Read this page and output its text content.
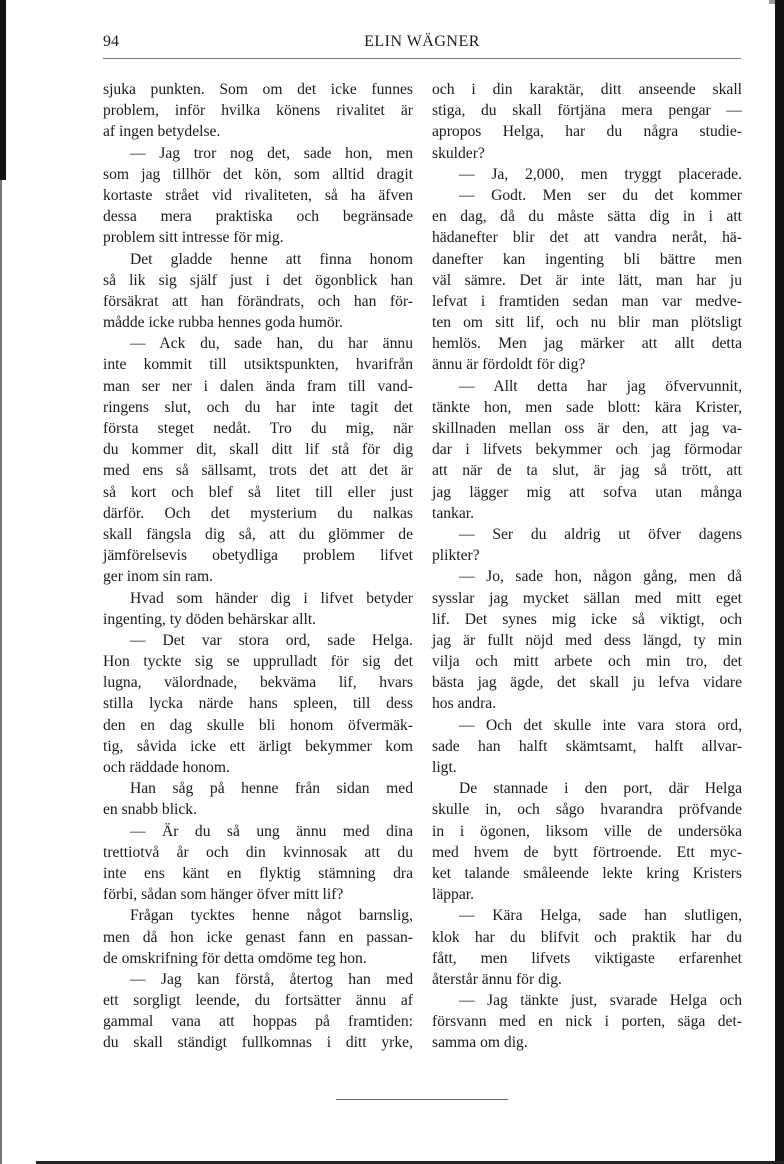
94	ELIN WÄGNER
sjuka punkten. Som om det icke funnes
problem, inför hvilka könens rivalitet är
af ingen betydelse.
— Jag tror nog det, sade hon, men
som jag tillhör det kön, som alltid dragit
kortaste strået vid rivaliteten, så ha äfven
dessa mera praktiska och begränsade
problem sitt intresse för mig.
Det gladde henne att finna honom
så lik sig själf just i det ögonblick han
försäkrat att han förändrats, och han för-
mådde icke rubba hennes goda humör.
— Ack du, sade han, du har ännu
inte kommit till utsiktspunkten, hvarifrån
man ser ner i dalen ända fram till vand-
ringens slut, och du har inte tagit det
första steget nedåt. Tro du mig, när
du kommer dit, skall ditt lif stå för dig
med ens så sällsamt, trots det att det är
så kort och blef så litet till eller just
därför. Och det mysterium du nalkas
skall fängsla dig så, att du glömmer de
jämförelsevis obetydliga problem lifvet
ger inom sin ram.
Hvad som händer dig i lifvet betyder
ingenting, ty döden behärskar allt.
— Det var stora ord, sade Helga.
Hon tyckte sig se upprulladt för sig det
lugna, välordnade, bekväma lif, hvars
stilla lycka närde hans spleen, till dess
den en dag skulle bli honom öfvermäk-
tig, såvida icke ett ärligt bekymmer kom
och räddade honom.
Han såg på henne från sidan med
en snabb blick.
— Är du så ung ännu med dina
trettiotvå år och din kvinnosak att du
inte ens känt en flyktig stämning dra
förbi, sådan som hänger öfver mitt lif?
Frågan tycktes henne något barnslig,
men då hon icke genast fann en passan-
de omskrifning för detta omdöme teg hon.
— Jag kan förstå, återtog han med
ett sorgligt leende, du fortsätter ännu af
gammal vana att hoppas på framtiden:
du skall ständigt fullkomnas i ditt yrke,
och i din karaktär, ditt anseende skall
stiga, du skall förtjäna mera pengar —
apropos Helga, har du några studie-
skulder?
— Ja, 2,000, men tryggt placerade.
— Godt. Men ser du det kommer
en dag, då du måste sätta dig in i att
hädanefter blir det att vandra neråt, hä-
danefter kan ingenting bli bättre men
väl sämre. Det är inte lätt, man har ju
lefvat i framtiden sedan man var medve-
ten om sitt lif, och nu blir man plötsligt
hemlös. Men jag märker att allt detta
ännu är fördoldt för dig?
— Allt detta har jag öfvervunnit,
tänkte hon, men sade blott: kära Krister,
skillnaden mellan oss är den, att jag va-
dar i lifvets bekymmer och jag förmodar
att när de ta slut, är jag så trött, att
jag lägger mig att sofva utan många
tankar.
— Ser du aldrig ut öfver dagens
plikter?
— Jo, sade hon, någon gång, men då
sysslar jag mycket sällan med mitt eget
lif. Det synes mig icke så viktigt, och
jag är fullt nöjd med dess längd, ty min
vilja och mitt arbete och min tro, det
bästa jag ägde, det skall ju lefva vidare
hos andra.
— Och det skulle inte vara stora ord,
sade han halft skämtsamt, halft allvar-
ligt.
De stannade i den port, där Helga
skulle in, och sågo hvarandra pröfvande
in i ögonen, liksom ville de undersöka
med hvem de bytt förtroende. Ett myc-
ket talande småleende lekte kring Kristers
läppar.
— Kära Helga, sade han slutligen,
klok har du blifvit och praktik har du
fått, men lifvets viktigaste erfarenhet
återstår ännu för dig.
— Jag tänkte just, svarade Helga och
försvann med en nick i porten, säga det-
samma om dig.
